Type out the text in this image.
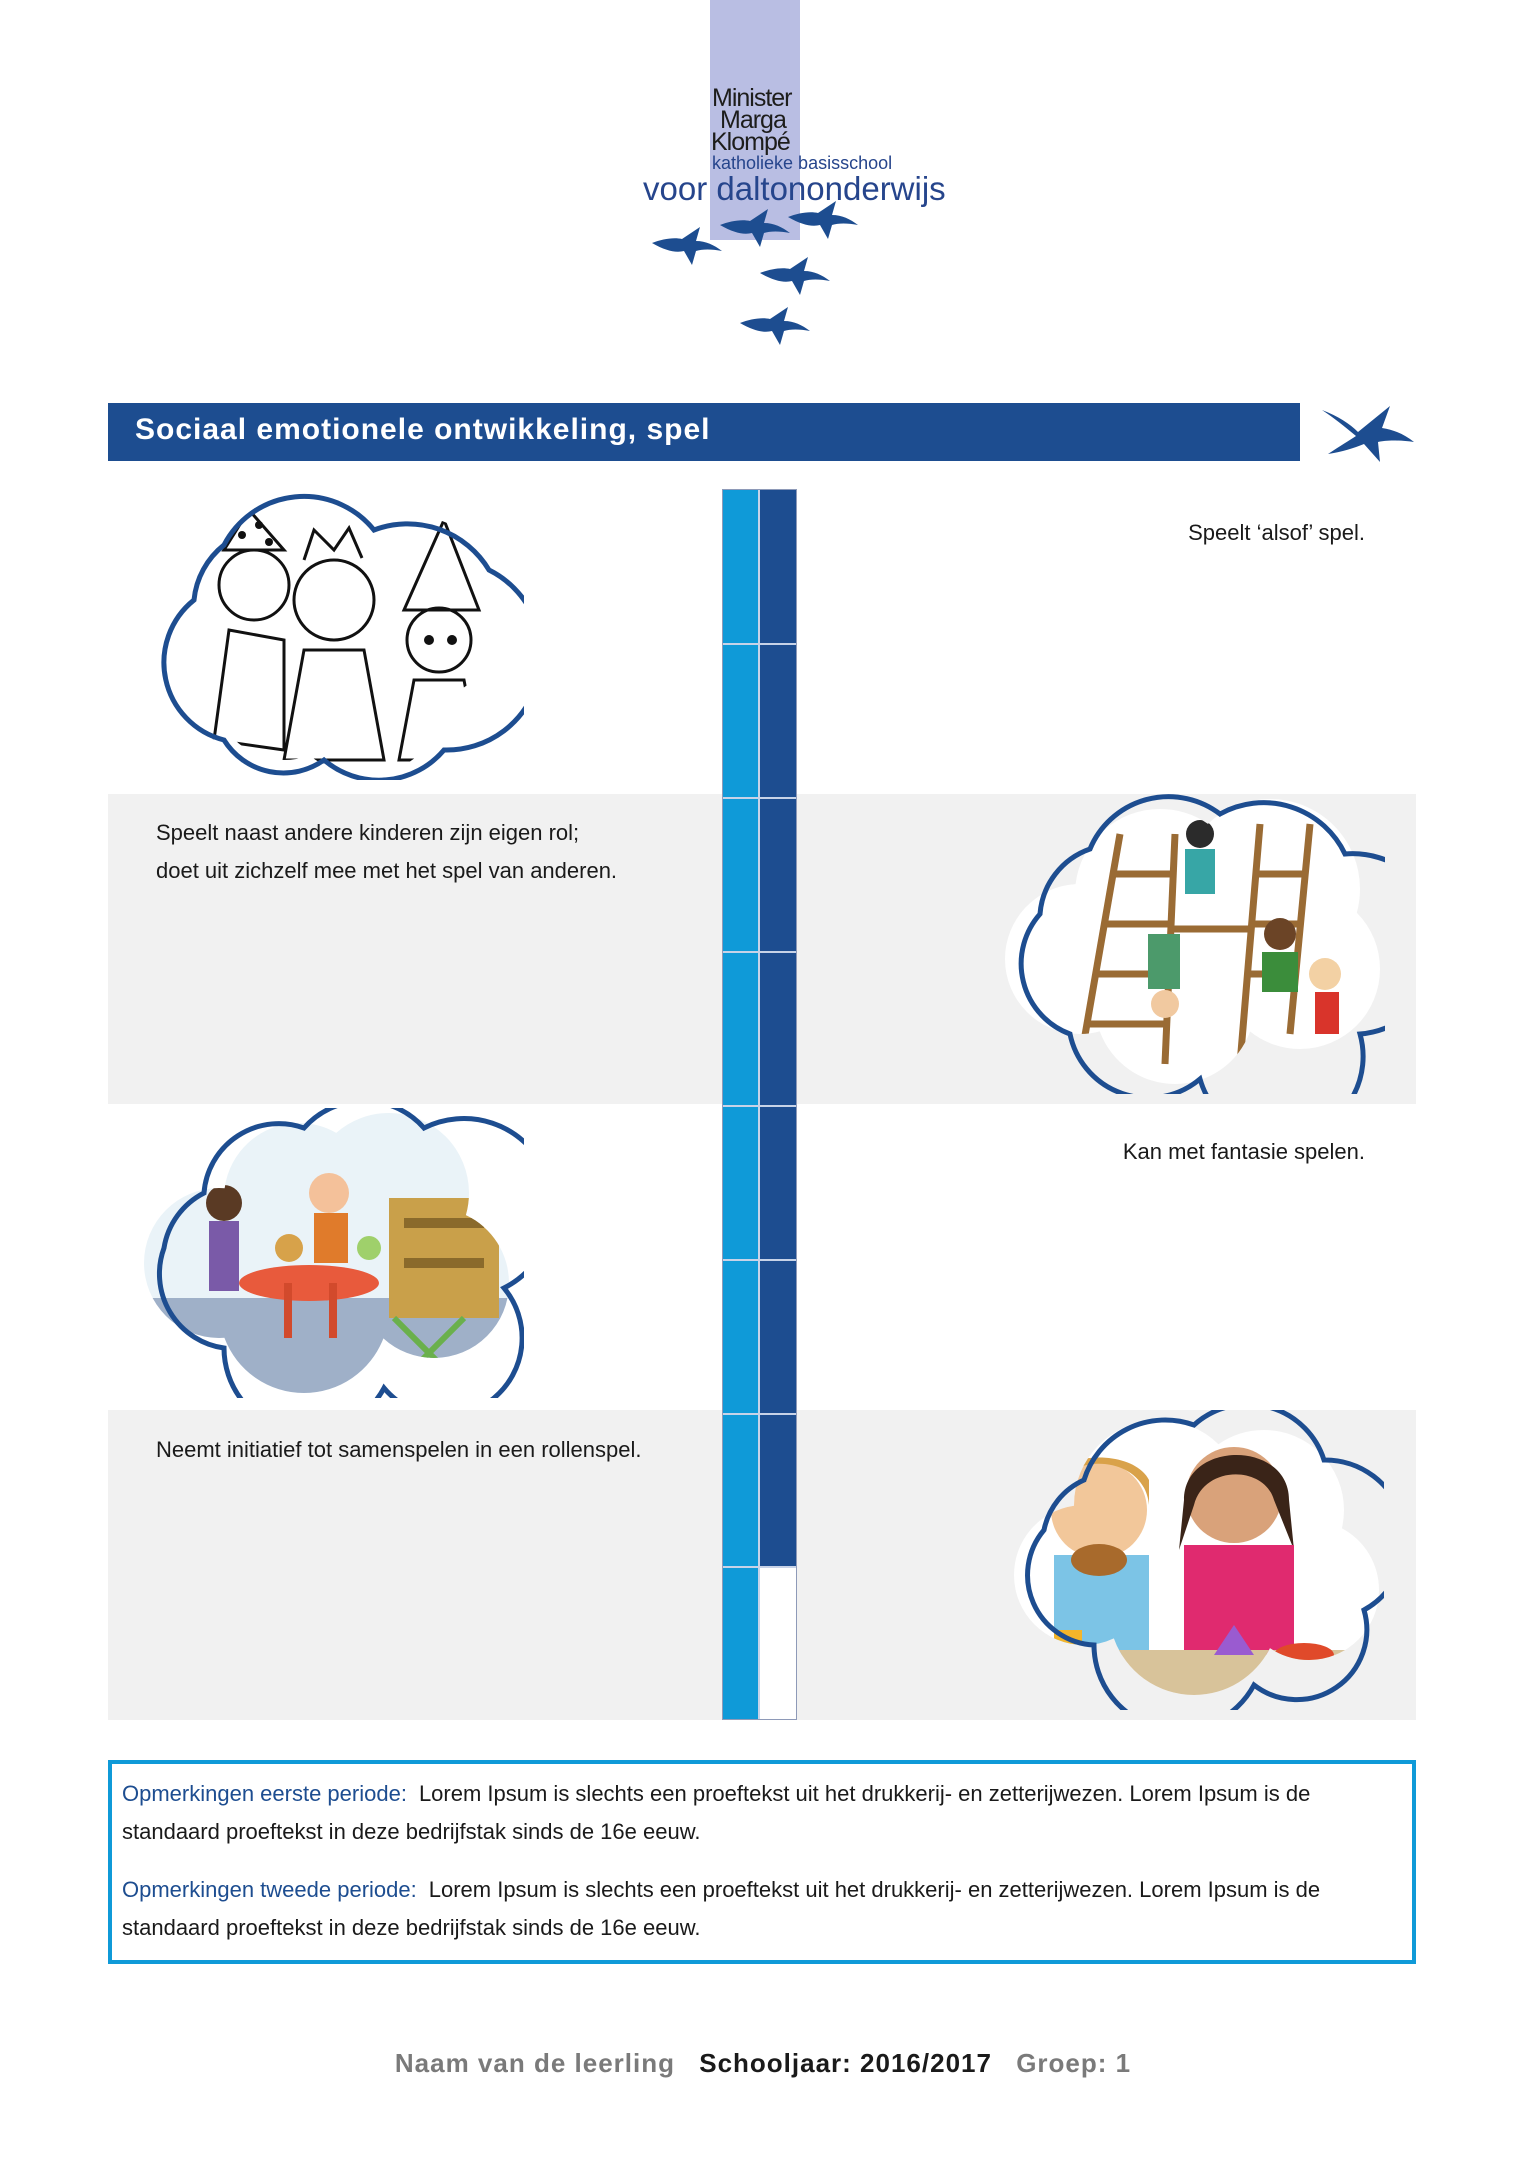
Minister
Marga
Klompé
katholieke basisschool
voor daltononderwijs
Sociaal emotionele ontwikkeling, spel
Speelt ‘alsof’ spel.
Speelt naast andere kinderen zijn eigen rol;
doet uit zichzelf mee met het spel van anderen.
Kan met fantasie spelen.
Neemt initiatief tot samenspelen in een rollenspel.
Opmerkingen eerste periode: Lorem Ipsum is slechts een proeftekst uit het drukkerij- en zetterijwezen. Lorem Ipsum is de standaard proeftekst in deze bedrijfstak sinds de 16e eeuw.
Opmerkingen tweede periode: Lorem Ipsum is slechts een proeftekst uit het drukkerij- en zetterijwezen. Lorem Ipsum is de standaard proeftekst in deze bedrijfstak sinds de 16e eeuw.
Naam van de leerling Schooljaar: 2016/2017 Groep: 1
